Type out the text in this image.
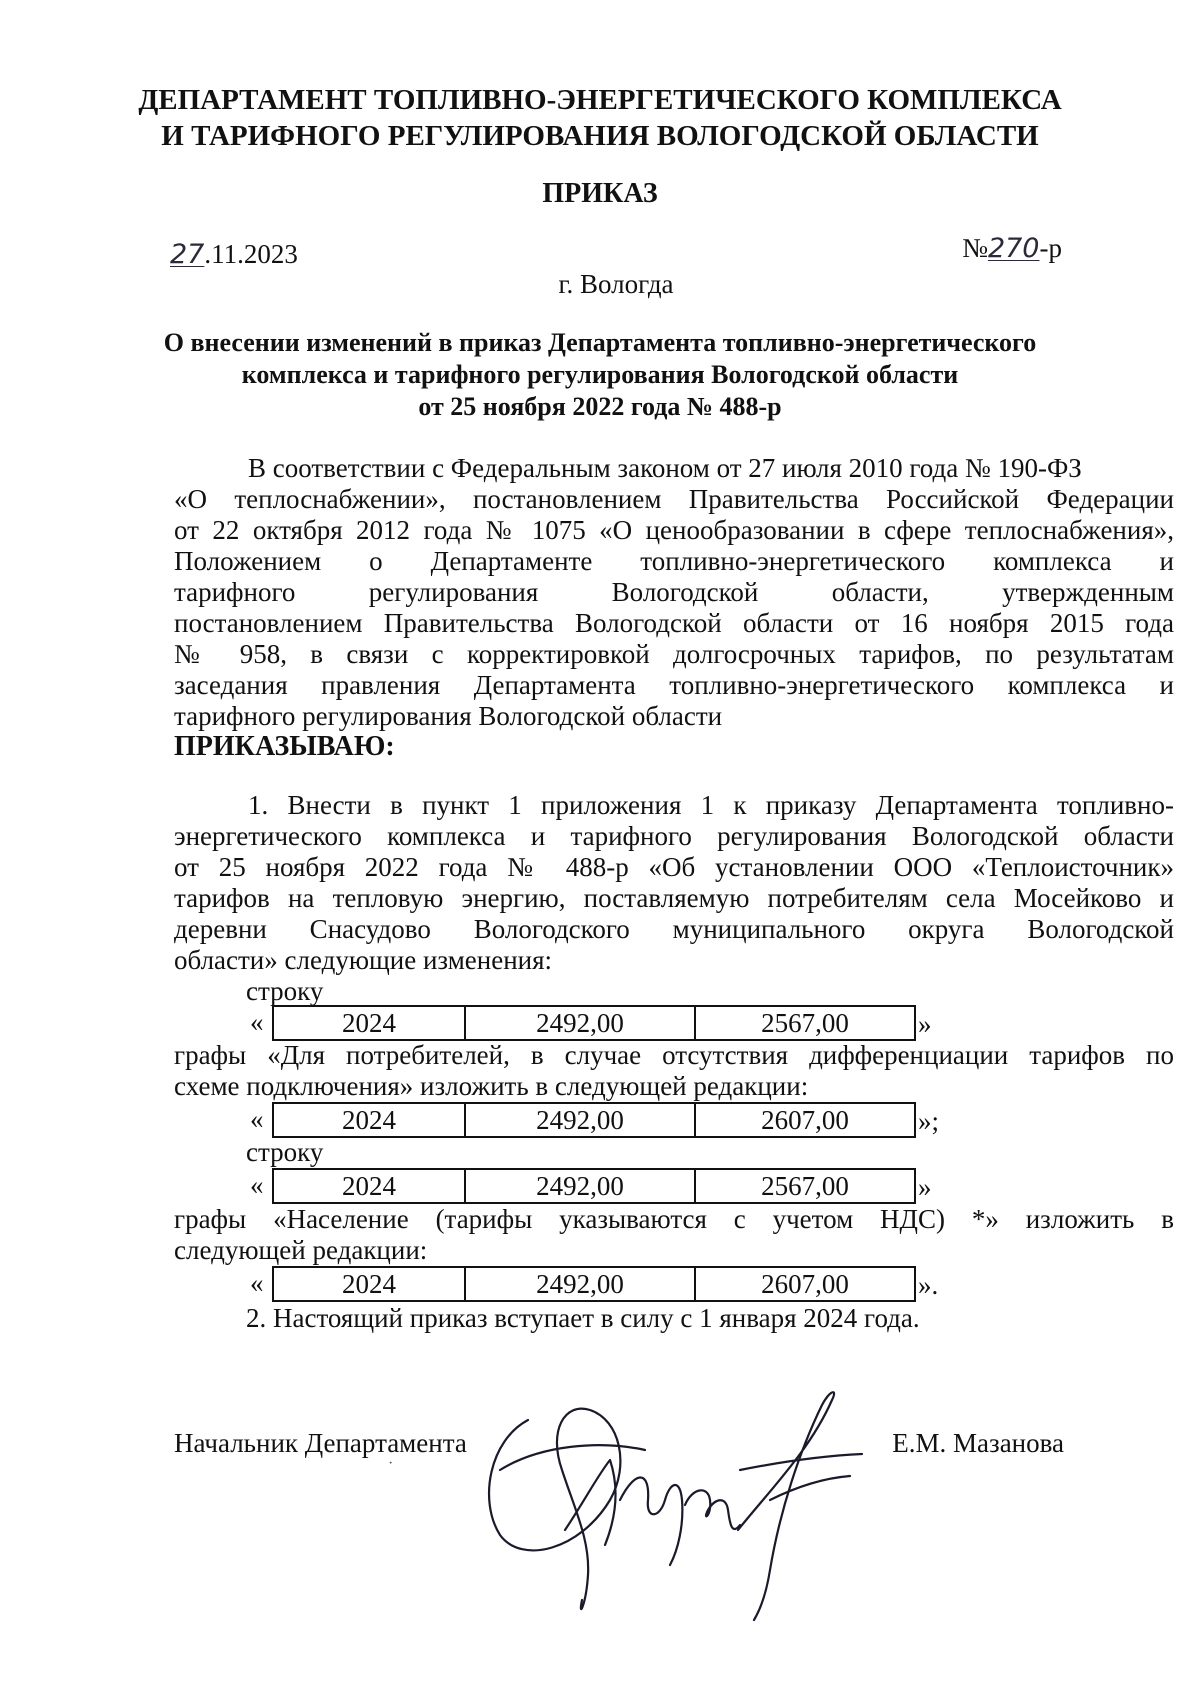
ДЕПАРТАМЕНТ ТОПЛИВНО-ЭНЕРГЕТИЧЕСКОГО КОМПЛЕКСА
И ТАРИФНОГО РЕГУЛИРОВАНИЯ ВОЛОГОДСКОЙ ОБЛАСТИ
ПРИКАЗ
27.11.2023	№270-р
г. Вологда
О внесении изменений в приказ Департамента топливно-энергетического
комплекса и тарифного регулирования Вологодской области
от 25 ноября 2022 года № 488-р
В соответствии с Федеральным законом от 27 июля 2010 года № 190-ФЗ
«О теплоснабжении», постановлением Правительства Российской Федерации
от 22 октября 2012 года № 1075 «О ценообразовании в сфере теплоснабжения»,
Положением о Департаменте топливно-энергетического комплекса и
тарифного регулирования Вологодской области, утвержденным
постановлением Правительства Вологодской области от 16 ноября 2015 года
№ 958, в связи с корректировкой долгосрочных тарифов, по результатам
заседания правления Департамента топливно-энергетического комплекса и
тарифного регулирования Вологодской области
ПРИКАЗЫВАЮ:
1. Внести в пункт 1 приложения 1 к приказу Департамента топливно-
энергетического комплекса и тарифного регулирования Вологодской области
от 25 ноября 2022 года № 488-р «Об установлении ООО «Теплоисточник»
тарифов на тепловую энергию, поставляемую потребителям села Мосейково и
деревни Снасудово Вологодского муниципального округа Вологодской
области» следующие изменения:
строку
«	2024	2492,00	2567,00	»
графы «Для потребителей, в случае отсутствия дифференциации тарифов по
схеме подключения» изложить в следующей редакции:
«	2024	2492,00	2607,00	»;
строку
«	2024	2492,00	2567,00	»
графы «Население (тарифы указываются с учетом НДС) *» изложить в
следующей редакции:
«	2024	2492,00	2607,00	».
2. Настоящий приказ вступает в силу с 1 января 2024 года.
Начальник Департамента	Е.М. Мазанова
·
